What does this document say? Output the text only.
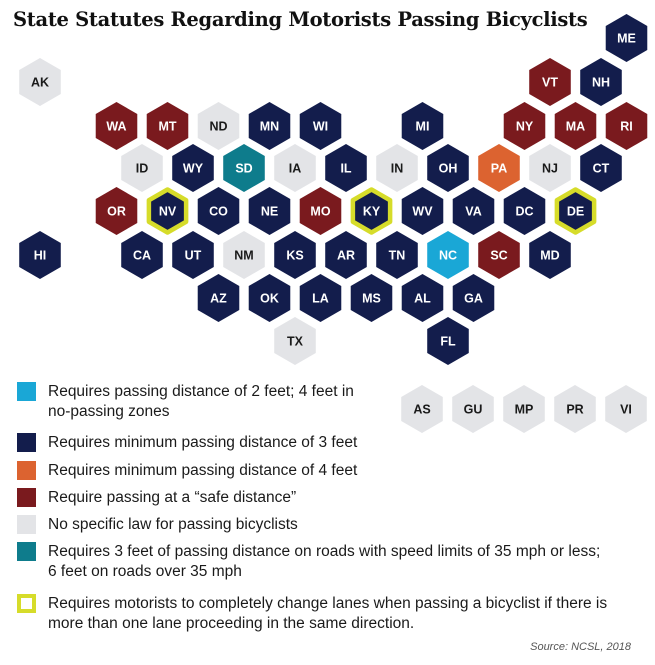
State Statutes Regarding Motorists Passing Bicyclists
ME
AK	VT	NH
WA	MT	ND	MN	WI	MI	NY	MA	RI
ID	WY	SD	IA	IL	IN	OH	PA	NJ	CT
OR	NV	CO	NE	MO	KY	WV	VA	DC	DE
HI	CA	UT	NM	KS	AR	TN	NC	SC	MD
AZ	OK	LA	MS	AL	GA
TX	FL
Requires passing distance of 2 feet; 4 feet in no-passing zones
Requires minimum passing distance of 3 feet
Requires minimum passing distance of 4 feet
Require passing at a “safe distance”
No specific law for passing bicyclists
Requires 3 feet of passing distance on roads with speed limits of 35 mph or less; 6 feet on roads over 35 mph
Requires motorists to completely change lanes when passing a bicyclist if there is more than one lane proceeding in the same direction.
Source: NCSL, 2018
AS	GU	MP	PR	VI
